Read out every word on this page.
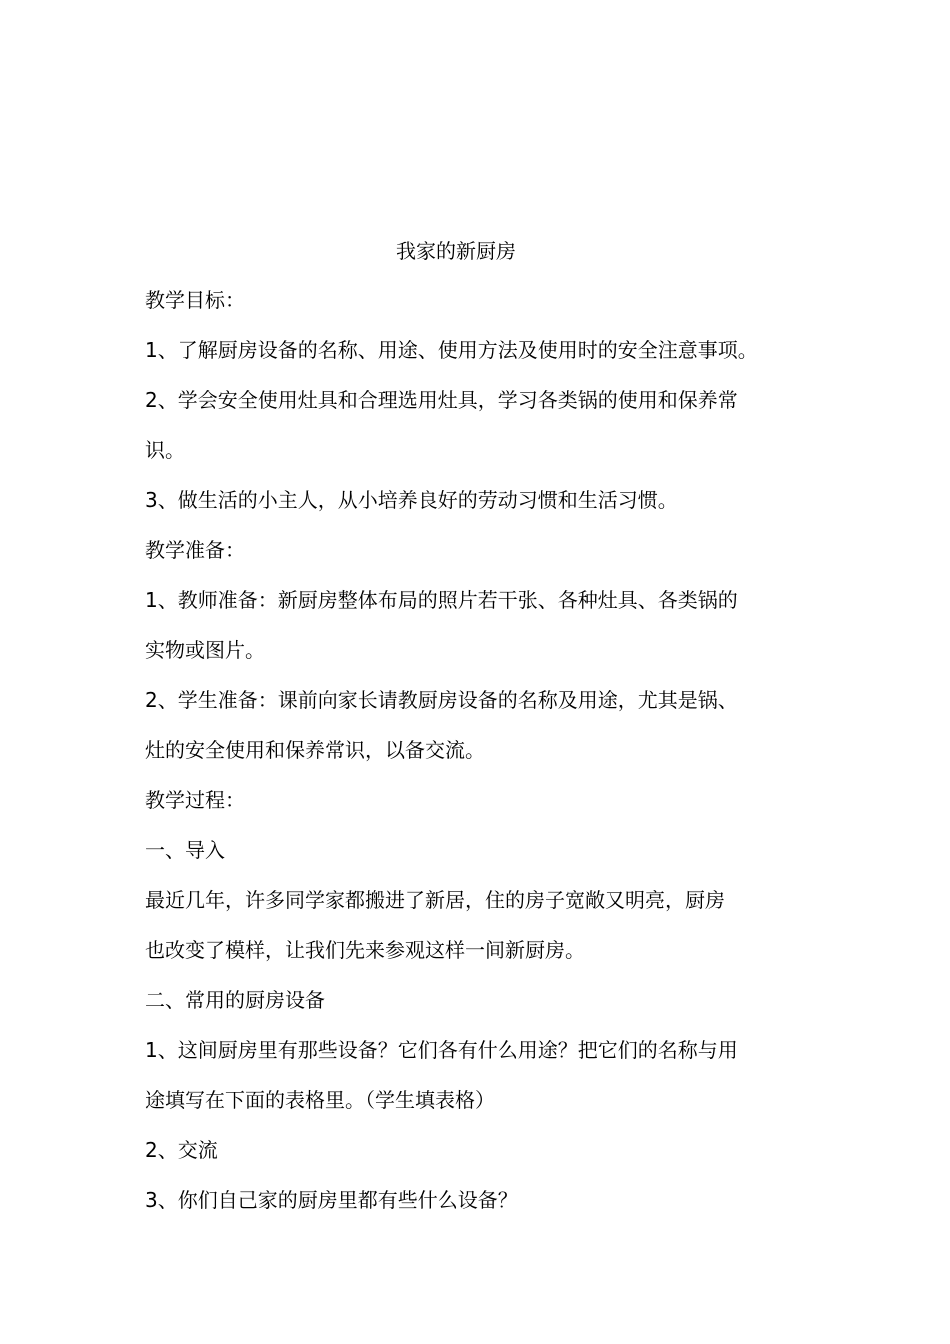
我家的新厨房
教学目标：
1、了解厨房设备的名称、用途、使用方法及使用时的安全注意事项。
2、学会安全使用灶具和合理选用灶具，学习各类锅的使用和保养常
识。
3、做生活的小主人，从小培养良好的劳动习惯和生活习惯。
教学准备：
1、教师准备：新厨房整体布局的照片若干张、各种灶具、各类锅的
实物或图片。
2、学生准备：课前向家长请教厨房设备的名称及用途，尤其是锅、
灶的安全使用和保养常识，以备交流。
教学过程：
一、导入
最近几年，许多同学家都搬进了新居，住的房子宽敞又明亮，厨房
也改变了模样，让我们先来参观这样一间新厨房。
二、常用的厨房设备
1、这间厨房里有那些设备？它们各有什么用途？把它们的名称与用
途填写在下面的表格里。（学生填表格）
2、交流
3、你们自己家的厨房里都有些什么设备？
